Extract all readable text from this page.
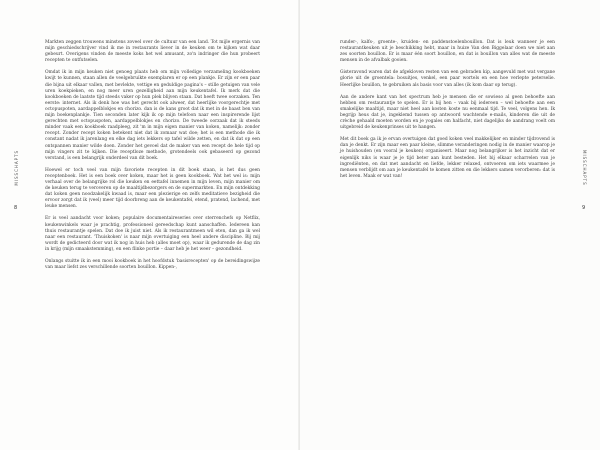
MISSCHAPTS
8

Markten zeggen trouwens minstens zoveel over de cultuur van een land. Tot mijle ergernis van mijn geschiedschrijver vind ik me in restaurants liever in de keuken om te kijken wat daar gebeurt. Overigens vinden de meeste koks het wel amusant, zo'n indringer die hun probeert recepten te ontfutselen.

Omdat ik in mijn keuken niet genoeg plaats heb om mijn volledige verzameling kookboeken kwijt te kunnen, staan allen de veelgebruikte exemplaren er op een plankje. Er zijn er een paar die bijna uit elkaar vallen, met bevlekte, vettige en geduldige pagina's – stille getuigen van vele uren koekpieken, en nog meer uren gezelligheid aan mijn keukentafel. Ik merk dat die kookboeken de laatste tijd steeds vaker op hun plek blijven staan. Dat heeft twee oorzaken. Ten eerste: internet. Als ik denk hoe was het gerecht ook alweer, dat heerlijke voorgerechtje met octopuspoten, aardappelblokjes en chorizo. dan is de kans groot dat ik met in de baast ben van mijn boekenplankje. Tien seconden later kijk ik op mijn telefoon naar een inspirerende lijst gerechten met octopuspoten, aardappelblokjes en chorizo. De tweede oorzaak dat ik steeds minder vaak een kookboek raadpleeg, zit 'm in mijn eigen manier van koken, namelijk: zonder recept. Zonder recept koken betekent niet dat ik zomaar wat doe; het is een methode die ik constant nadat ik jarenlang en elke dag iets lekkers op tafel wilde zetten, en dat ik dat op een ontspannen manier wilde doen. Zonder het gevoel dat de maker van een recept de hele tijd op mijn vingers zit te kijken. Die receptloze methode, grotendeels ook gebaseerd op gezond verstand, is een belangrijk onderdeel van dit boek.

Hoewel er toch veel van mijn favoriete recepten in dit boek staan, is het dus geen receptenboek. Het is een boek over koken, maar het is geen kookboek. Wat het wel is: mijn verhaal over de belangrijke rol die keuken en eettafel innemen in mijn leven, mijn manier om de keuken terug te veroveren op de maaltijdbezorgers en de supermarkten. En mijn ontdekking dat koken geen noodzakelijk kwaad is, maar een plezierige en zelfs meditatieve bezigheid die ervoor zorgt dat ik (veel) meer tijd doorbreng aan de keukentafel, etend, pratend, lachend, met leuke mensen.

Er is veel aandacht voor koken; populaire documentaireseries over sterrenchefs op Netflix, keukenwinkels waar je prachtig, professioneel gereedschap kunt aanschaffen. Iedereen kan thuis restaurantje spelen. Dat doe ik juist niet. Als ik restaurantmeen wil eten, dan ga ik wel naar een restaurant. 'Thuiskoken' is naar mijn overtuiging een heel andere discipline. Bij mij wordt de gedicteerd door wat ik nog in huis heb (alles moet op), waar ik gedurende de dag zin in krijg (mijn smaakstemming), en een flinke portie – daar heb je het weer – gezondheid.

Onlangs stuitte ik in een mooi kookboek in het hoofdstuk 'basisrecepten' op de bereidingswijze van maar liefst zes verschillende soorten bouillon. Kippen-,

MISSCHAPTS
9

runder-, kalfs-, groente-, kruiden- en paddenstoelenbouillon. Dat is leuk wanneer je een restaurantkeuken uit je beschikking hebt, maar in huize Van den Biggelaar doen we niet aan zes soorten bouillon. Er is maar één soort bouillon, en dat is bouillon van alles wat de meeste mensen in de afvalbak gooien.

Gisteravond waren dat de afgekloven resten van een gebraden kip, aangevuld met wat vergane glorie uit de groentela: bosuitjes, venkel, een paar wortels en een hoe verlepte peterselie. Heerlijke bouillon, te gebruiken als basis voor van alles (ik kom daar op terug).

Aan de andere kant van het spectrum heb je mensen die er sowieso al geen behoefte aan hebben om restaurantje te spelen. Er is bij hen – vaak bij iedereen – wel behoefte aan een smakelijke maaltijd, maar niet heel aan kosten koste nu eenmaal tijd. Te veel, volgens hen. Ik begrijp heus dat je, ingeklemd tussen op antwoord wachtende e-mails, kinderen die uit de crèche gehaald moeten worden en je yogales om halfacht, niet dagelijks de aandrang voelt om uitgebreid de keukenprinses uit te hangen.

Met dit boek ga ik je ervan overtuigen dat goed koken veel makkelijker en minder tijdrovend is dan je denkt. Er zijn maar een paar kleine, slimme veranderingen nodig in de manier waarop je je huishouden (en vooral je keuken) organiseert. Maar nog belangrijker is het inzicht dat er eigenlijk niks is waar je je tijd beter aan kunt besteden. Het bij elkaar scharrelen van je ingrediënten, en dat met aandacht en liefde, lekker relaxed, ontvoeren om iets waarmee je mensen verblijdt om aan je keukentafel te komen zitten en die lekkers samen verorberen: dat is het leven. Maak er wat van!
